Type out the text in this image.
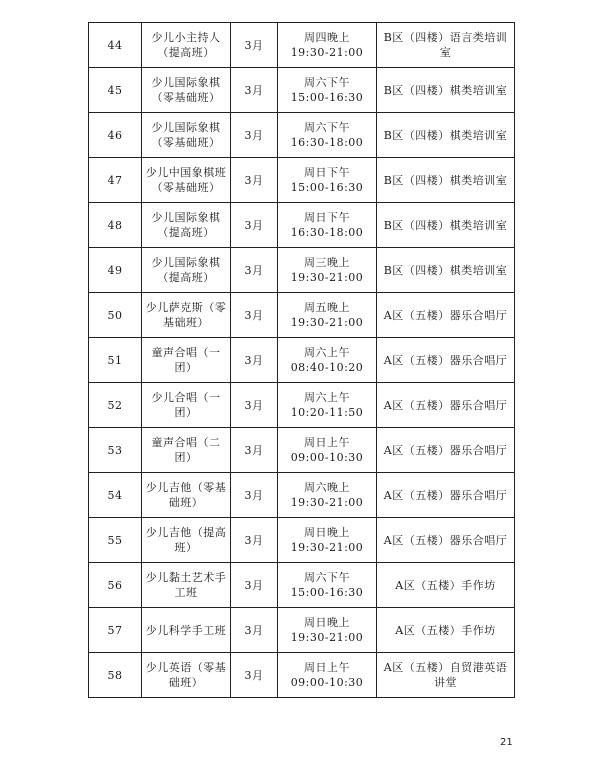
44	少儿小主持人（提高班）	3月	周四晚上
19:30-21:00	B区（四楼）语言类培训室
45	少儿国际象棋（零基础班）	3月	周六下午
15:00-16:30	B区（四楼）棋类培训室
46	少儿国际象棋（零基础班）	3月	周六下午
16:30-18:00	B区（四楼）棋类培训室
47	少儿中国象棋班（零基础班）	3月	周日下午
15:00-16:30	B区（四楼）棋类培训室
48	少儿国际象棋（提高班）	3月	周日下午
16:30-18:00	B区（四楼）棋类培训室
49	少儿国际象棋（提高班）	3月	周三晚上
19:30-21:00	B区（四楼）棋类培训室
50	少儿萨克斯（零基础班）	3月	周五晚上
19:30-21:00	A区（五楼）器乐合唱厅
51	童声合唱（一团）	3月	周六上午
08:40-10:20	A区（五楼）器乐合唱厅
52	少儿合唱（一团）	3月	周六上午
10:20-11:50	A区（五楼）器乐合唱厅
53	童声合唱（二团）	3月	周日上午
09:00-10:30	A区（五楼）器乐合唱厅
54	少儿吉他（零基础班）	3月	周六晚上
19:30-21:00	A区（五楼）器乐合唱厅
55	少儿吉他（提高班）	3月	周日晚上
19:30-21:00	A区（五楼）器乐合唱厅
56	少儿黏土艺术手工班	3月	周六下午
15:00-16:30	A区（五楼）手作坊
57	少儿科学手工班	3月	周日晚上
19:30-21:00	A区（五楼）手作坊
58	少儿英语（零基础班）	3月	周日上午
09:00-10:30	A区（五楼）自贸港英语讲堂
21
